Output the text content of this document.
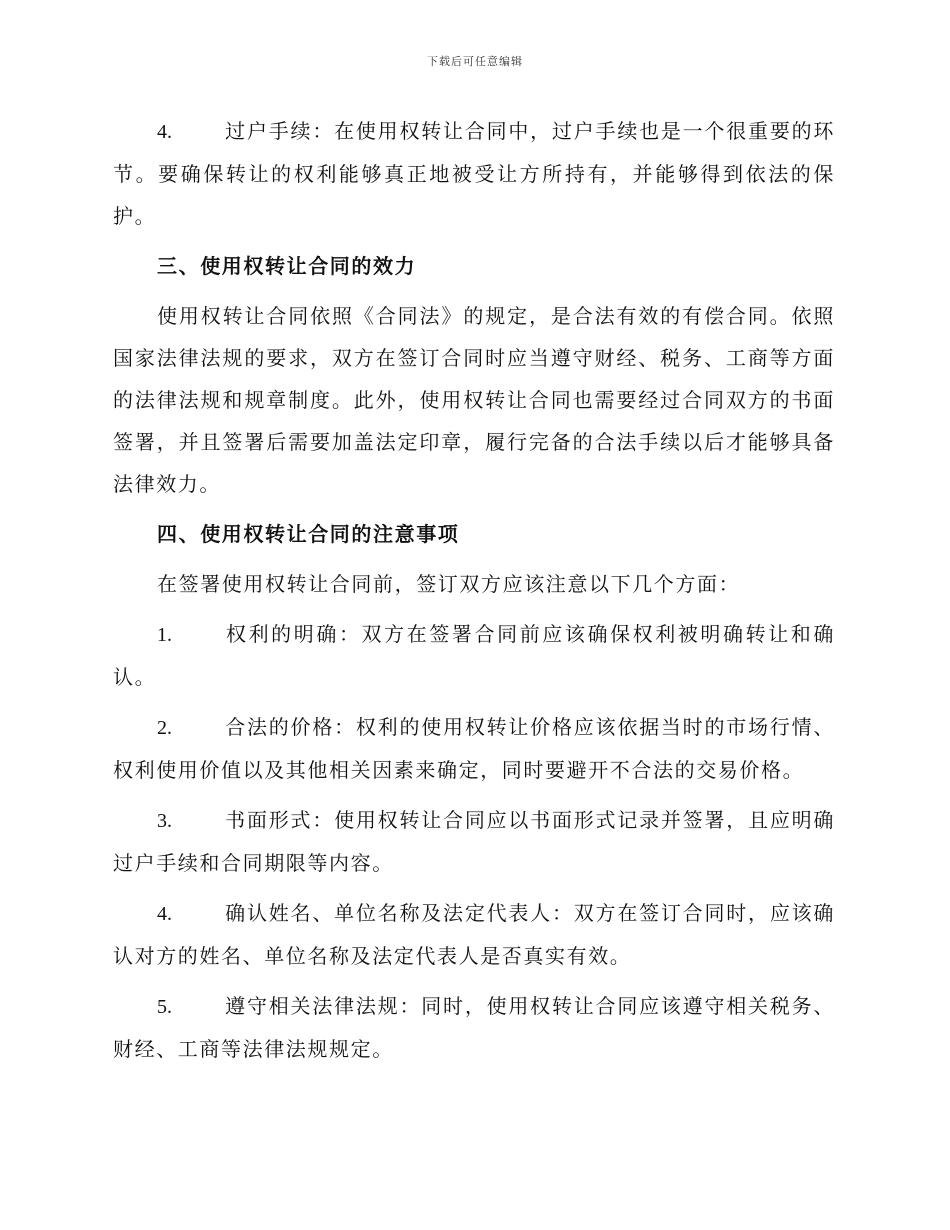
下载后可任意编辑

4.	过户手续：在使用权转让合同中，过户手续也是一个很重要的环节。要确保转让的权利能够真正地被受让方所持有，并能够得到依法的保护。

三、使用权转让合同的效力

使用权转让合同依照《合同法》的规定，是合法有效的有偿合同。依照国家法律法规的要求，双方在签订合同时应当遵守财经、税务、工商等方面的法律法规和规章制度。此外，使用权转让合同也需要经过合同双方的书面签署，并且签署后需要加盖法定印章，履行完备的合法手续以后才能够具备法律效力。

四、使用权转让合同的注意事项

在签署使用权转让合同前，签订双方应该注意以下几个方面：

1.	权利的明确：双方在签署合同前应该确保权利被明确转让和确认。

2.	合法的价格：权利的使用权转让价格应该依据当时的市场行情、权利使用价值以及其他相关因素来确定，同时要避开不合法的交易价格。

3.	书面形式：使用权转让合同应以书面形式记录并签署，且应明确过户手续和合同期限等内容。

4.	确认姓名、单位名称及法定代表人：双方在签订合同时，应该确认对方的姓名、单位名称及法定代表人是否真实有效。

5.	遵守相关法律法规：同时，使用权转让合同应该遵守相关税务、财经、工商等法律法规规定。
